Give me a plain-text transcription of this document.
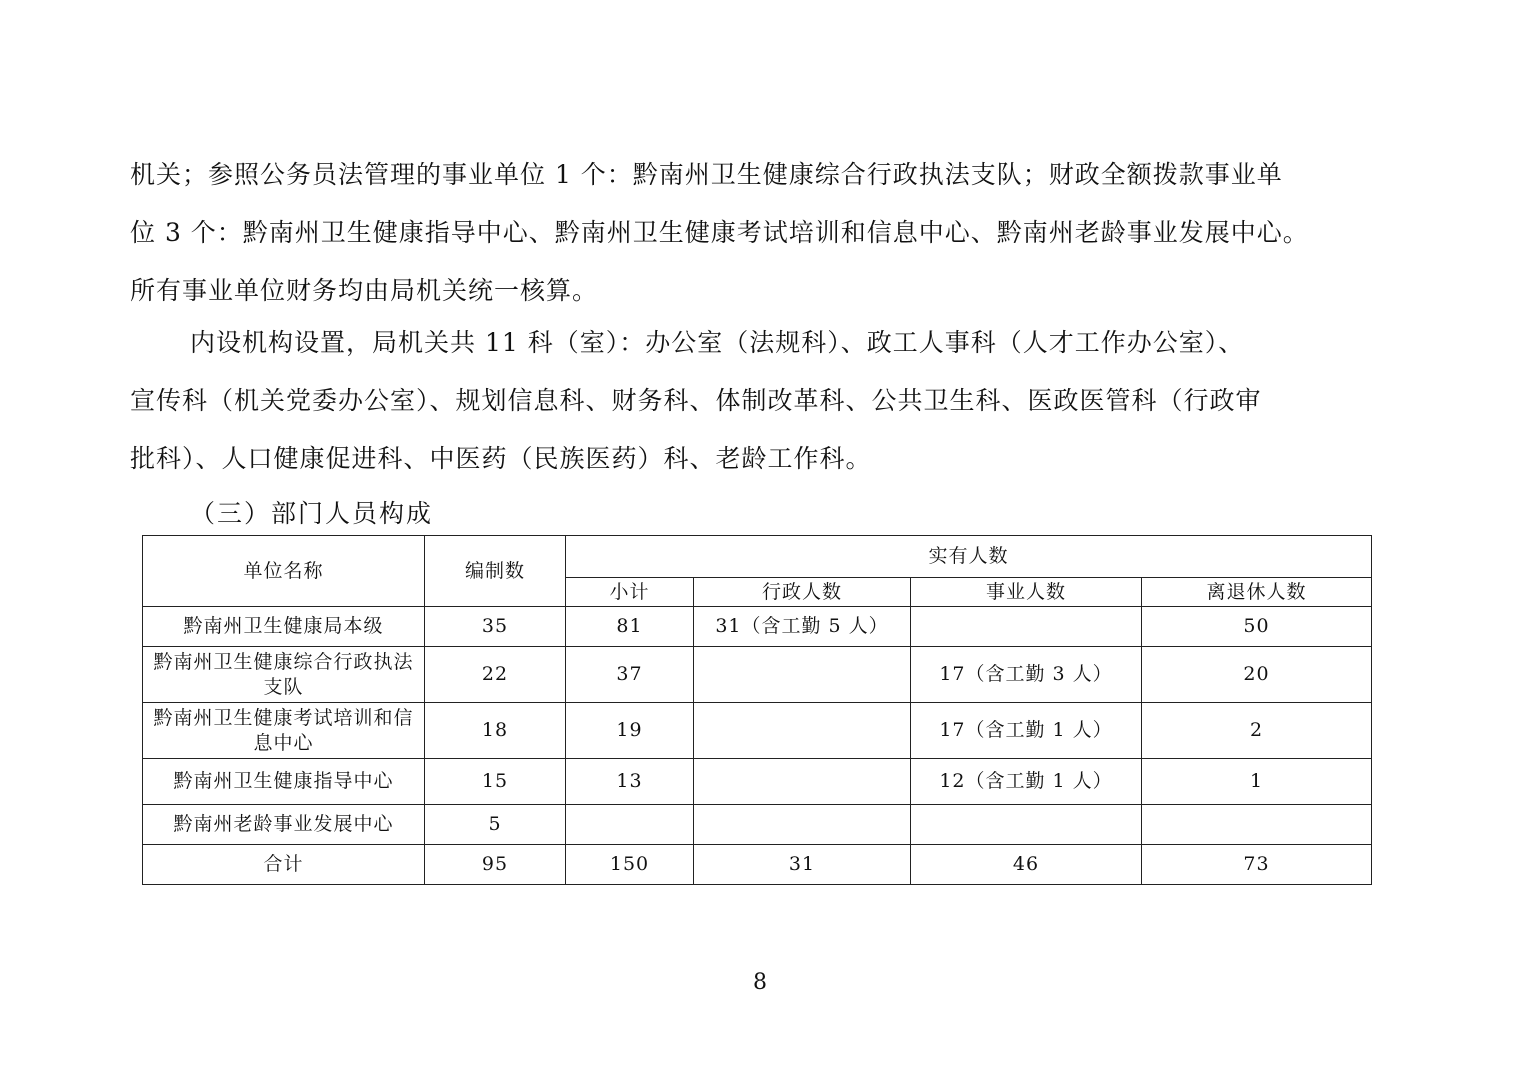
机关；参照公务员法管理的事业单位 1 个：黔南州卫生健康综合行政执法支队；财政全额拨款事业单
位 3 个：黔南州卫生健康指导中心、黔南州卫生健康考试培训和信息中心、黔南州老龄事业发展中心。
所有事业单位财务均由局机关统一核算。
内设机构设置，局机关共 11 科（室）：办公室（法规科）、政工人事科（人才工作办公室）、
宣传科（机关党委办公室）、规划信息科、财务科、体制改革科、公共卫生科、医政医管科（行政审
批科）、人口健康促进科、中医药（民族医药）科、老龄工作科。
（三）部门人员构成
单位名称	编制数	实有人数			
		小计	行政人数	事业人数	离退休人数
黔南州卫生健康局本级	35	81	31（含工勤 5 人）		50
黔南州卫生健康综合行政执法支队	22	37		17（含工勤 3 人）	20
黔南州卫生健康考试培训和信息中心	18	19		17（含工勤 1 人）	2
黔南州卫生健康指导中心	15	13		12（含工勤 1 人）	1
黔南州老龄事业发展中心	5				
合计	95	150	31	46	73
8
